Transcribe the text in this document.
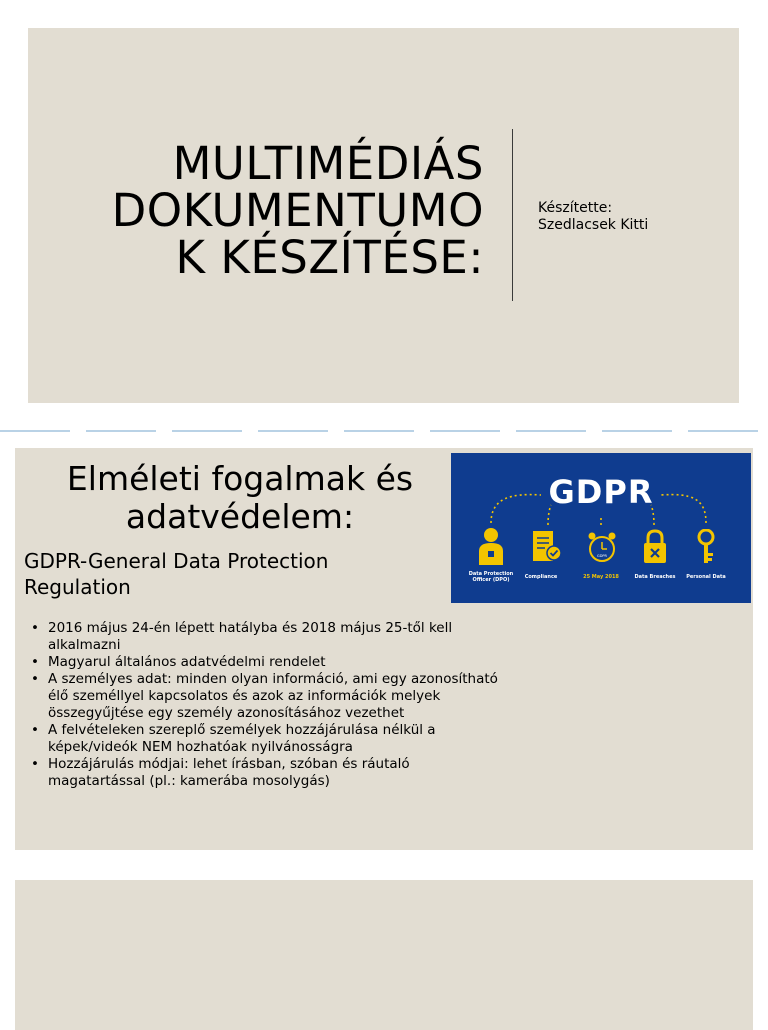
MULTIMÉDIÁS
DOKUMENTUMO
K KÉSZÍTÉSE:
Készítette:
Szedlacsek Kitti
Elméleti fogalmak és
adatvédelem:
GDPR-General Data Protection
Regulation
• 2016 május 24-én lépett hatályba és 2018 május 25-től kell
alkalmazni
• Magyarul általános adatvédelmi rendelet
• A személyes adat: minden olyan információ, ami egy azonosítható
élő személlyel kapcsolatos és azok az információk melyek
összegyűjtése egy személy azonosításához vezethet
• A felvételeken szereplő személyek hozzájárulása nélkül a
képek/videók NEM hozhatóak nyilvánosságra
• Hozzájárulás módjai: lehet írásban, szóban és ráutaló
magatartással (pl.: kamerába mosolygás)
GDPR
GDPR
Data Protection
Officer (DPO)	Compliance	25 May 2018	Data Breaches	Personal Data
